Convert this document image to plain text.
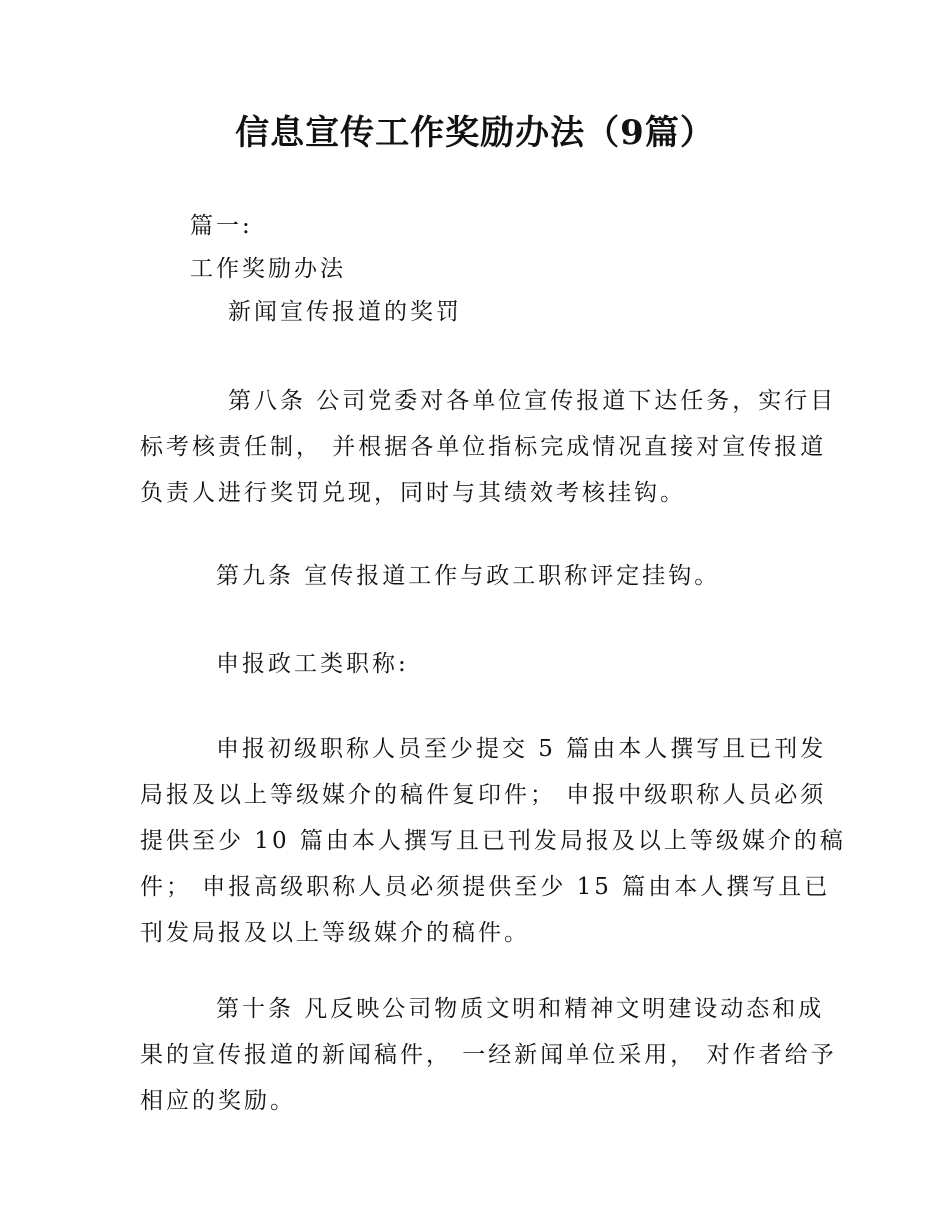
信息宣传工作奖励办法（9篇）
篇一:
工作奖励办法
新闻宣传报道的奖罚
第八条 公司党委对各单位宣传报道下达任务，实行目
标考核责任制， 并根据各单位指标完成情况直接对宣传报道
负责人进行奖罚兑现，同时与其绩效考核挂钩。
第九条 宣传报道工作与政工职称评定挂钩。
申报政工类职称:
申报初级职称人员至少提交 5 篇由本人撰写且已刊发
局报及以上等级媒介的稿件复印件； 申报中级职称人员必须
提供至少 10 篇由本人撰写且已刊发局报及以上等级媒介的稿
件； 申报高级职称人员必须提供至少 15 篇由本人撰写且已
刊发局报及以上等级媒介的稿件。
第十条 凡反映公司物质文明和精神文明建设动态和成
果的宣传报道的新闻稿件， 一经新闻单位采用， 对作者给予
相应的奖励。
